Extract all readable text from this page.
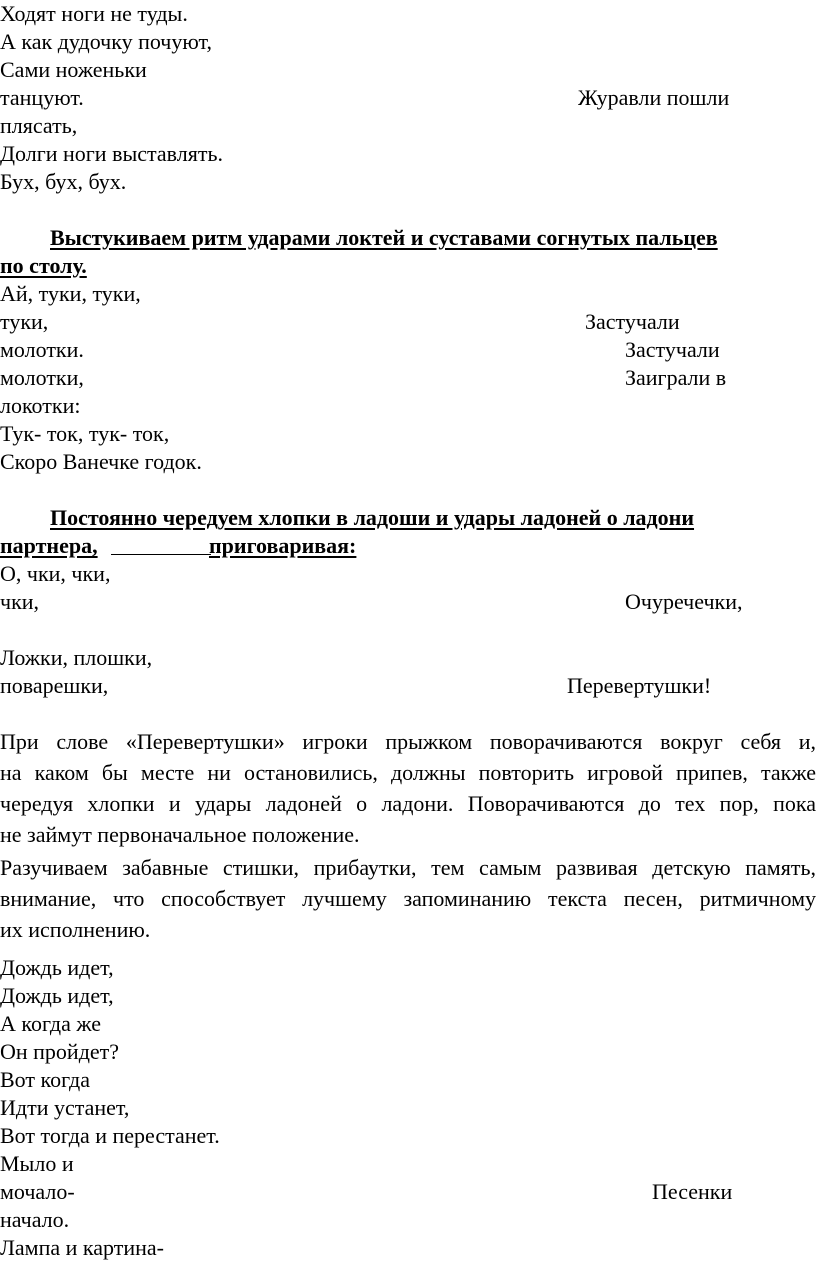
Ходят ноги не туды.
А как дудочку почуют,
Сами ноженьки
танцуют.	Журавли пошли
плясать,
Долги ноги выставлять.
Бух, бух, бух.
Выстукиваем ритм ударами локтей и суставами согнутых пальцев
по столу.
Ай, туки, туки,
туки,	Застучали
молотки.	Застучали
молотки,	Заиграли в
локотки:
Тук- ток, тук- ток,
Скоро Ванечке годок.
Постоянно чередуем хлопки в ладоши и удары ладоней о ладони
партнера,	приговаривая:
О, чки, чки,
чки,	Очуречечки,
Ложки, плошки,
поварешки,	Перевертушки!
При слове «Перевертушки» игроки прыжком поворачиваются вокруг себя и,
на каком бы месте ни остановились, должны повторить игровой припев, также
чередуя хлопки и удары ладоней о ладони. Поворачиваются до тех пор, пока
не займут первоначальное положение.
Разучиваем забавные стишки, прибаутки, тем самым развивая детскую память,
внимание, что способствует лучшему запоминанию текста песен, ритмичному
их исполнению.
Дождь идет,
Дождь идет,
А когда же
Он пройдет?
Вот когда
Идти устанет,
Вот тогда и перестанет.
Мыло и
мочало-	Песенки
начало.
Лампа и картина-
